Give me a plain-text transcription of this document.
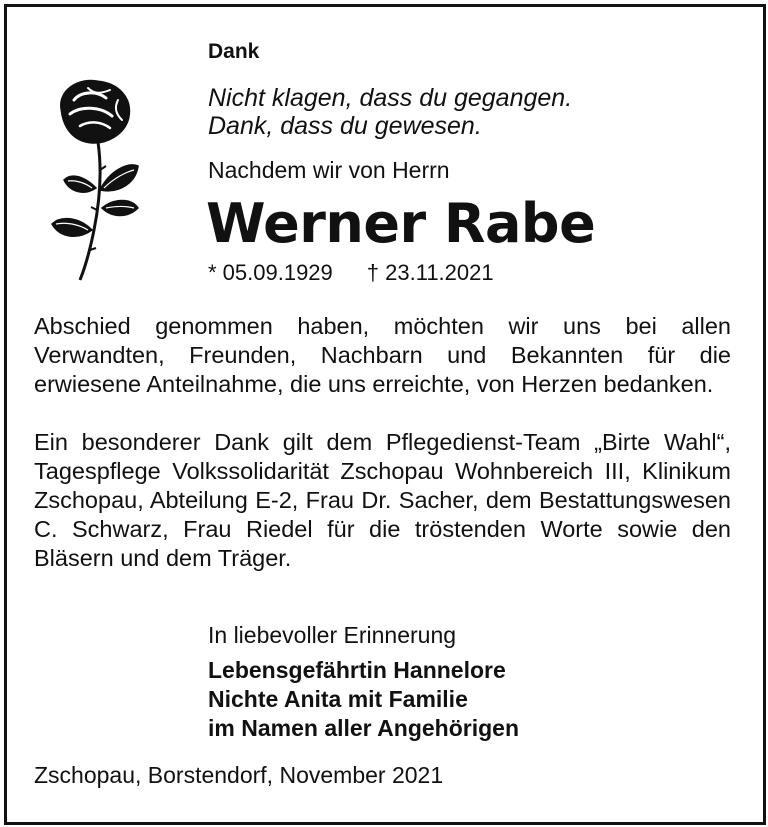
Dank
Nicht klagen, dass du gegangen.
Dank, dass du gewesen.
Nachdem wir von Herrn
Werner Rabe
* 05.09.1929 † 23.11.2021
Abschied genommen haben, möchten wir uns bei allen Verwandten, Freunden, Nachbarn und Bekannten für die erwiesene Anteilnahme, die uns erreichte, von Herzen bedanken.
Ein besonderer Dank gilt dem Pflegedienst-Team „Birte Wahl“, Tagespflege Volkssolidarität Zschopau Wohnbereich III, Klinikum Zschopau, Abteilung E-2, Frau Dr. Sacher, dem Bestattungswesen C. Schwarz, Frau Riedel für die tröstenden Worte sowie den Bläsern und dem Träger.
In liebevoller Erinnerung
Lebensgefährtin Hannelore
Nichte Anita mit Familie
im Namen aller Angehörigen
Zschopau, Borstendorf, November 2021
